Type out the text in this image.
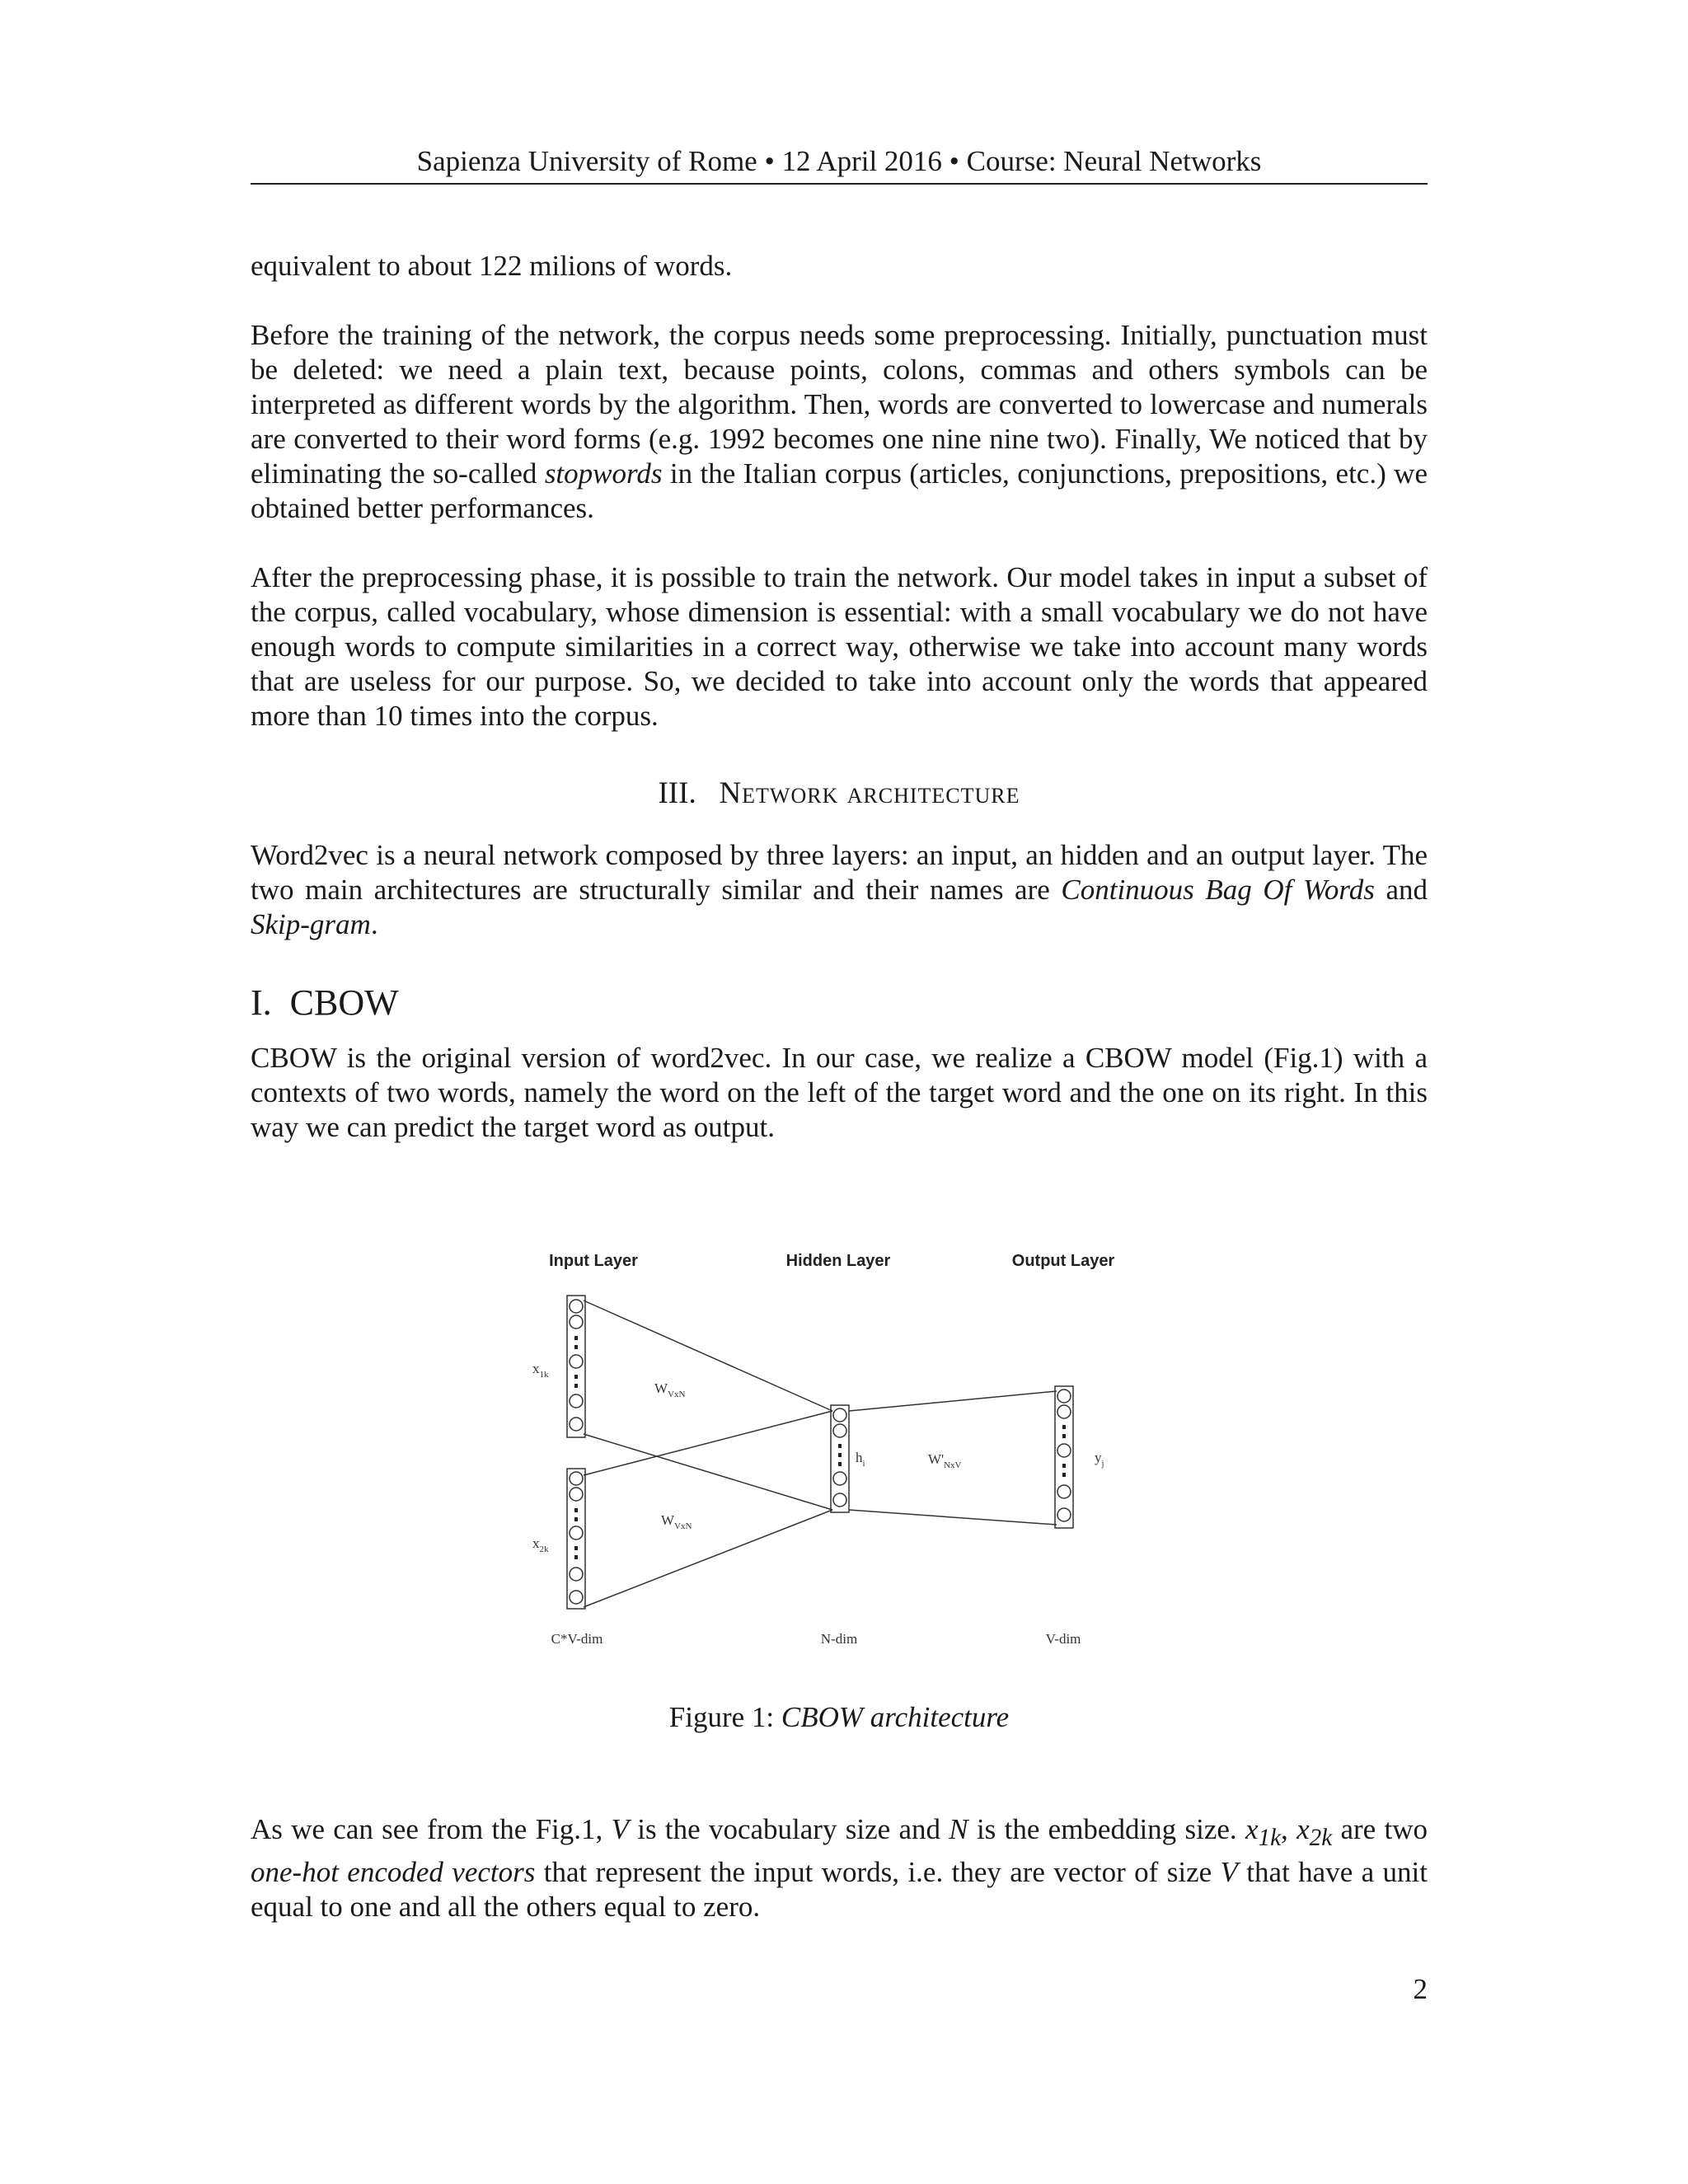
Sapienza University of Rome • 12 April 2016 • Course: Neural Networks

equivalent to about 122 milions of words.

Before the training of the network, the corpus needs some preprocessing. Initially, punctuation must be deleted: we need a plain text, because points, colons, commas and others symbols can be interpreted as different words by the algorithm. Then, words are converted to lowercase and numerals are converted to their word forms (e.g. 1992 becomes one nine nine two). Finally, We noticed that by eliminating the so-called stopwords in the Italian corpus (articles, conjunctions, prepositions, etc.) we obtained better performances.

After the preprocessing phase, it is possible to train the network. Our model takes in input a subset of the corpus, called vocabulary, whose dimension is essential: with a small vocabulary we do not have enough words to compute similarities in a correct way, otherwise we take into account many words that are useless for our purpose. So, we decided to take into account only the words that appeared more than 10 times into the corpus.

III. Network architecture

Word2vec is a neural network composed by three layers: an input, an hidden and an output layer. The two main architectures are structurally similar and their names are Continuous Bag Of Words and Skip-gram.

I. CBOW

CBOW is the original version of word2vec. In our case, we realize a CBOW model (Fig.1) with a contexts of two words, namely the word on the left of the target word and the one on its right. In this way we can predict the target word as output.

Input Layer	Hidden Layer	Output Layer
$x_{1k}$
$x_{2k}$
$W_{VxN}$
$W_{VxN}$
$h_i$	$W'_{NxV}$	$y_j$
C*V-dim	N-dim	V-dim
Figure 1: CBOW architecture

As we can see from the Fig.1, V is the vocabulary size and N is the embedding size. $x_{1k}$, $x_{2k}$ are two one-hot encoded vectors that represent the input words, i.e. they are vector of size V that have a unit equal to one and all the others equal to zero.

2
